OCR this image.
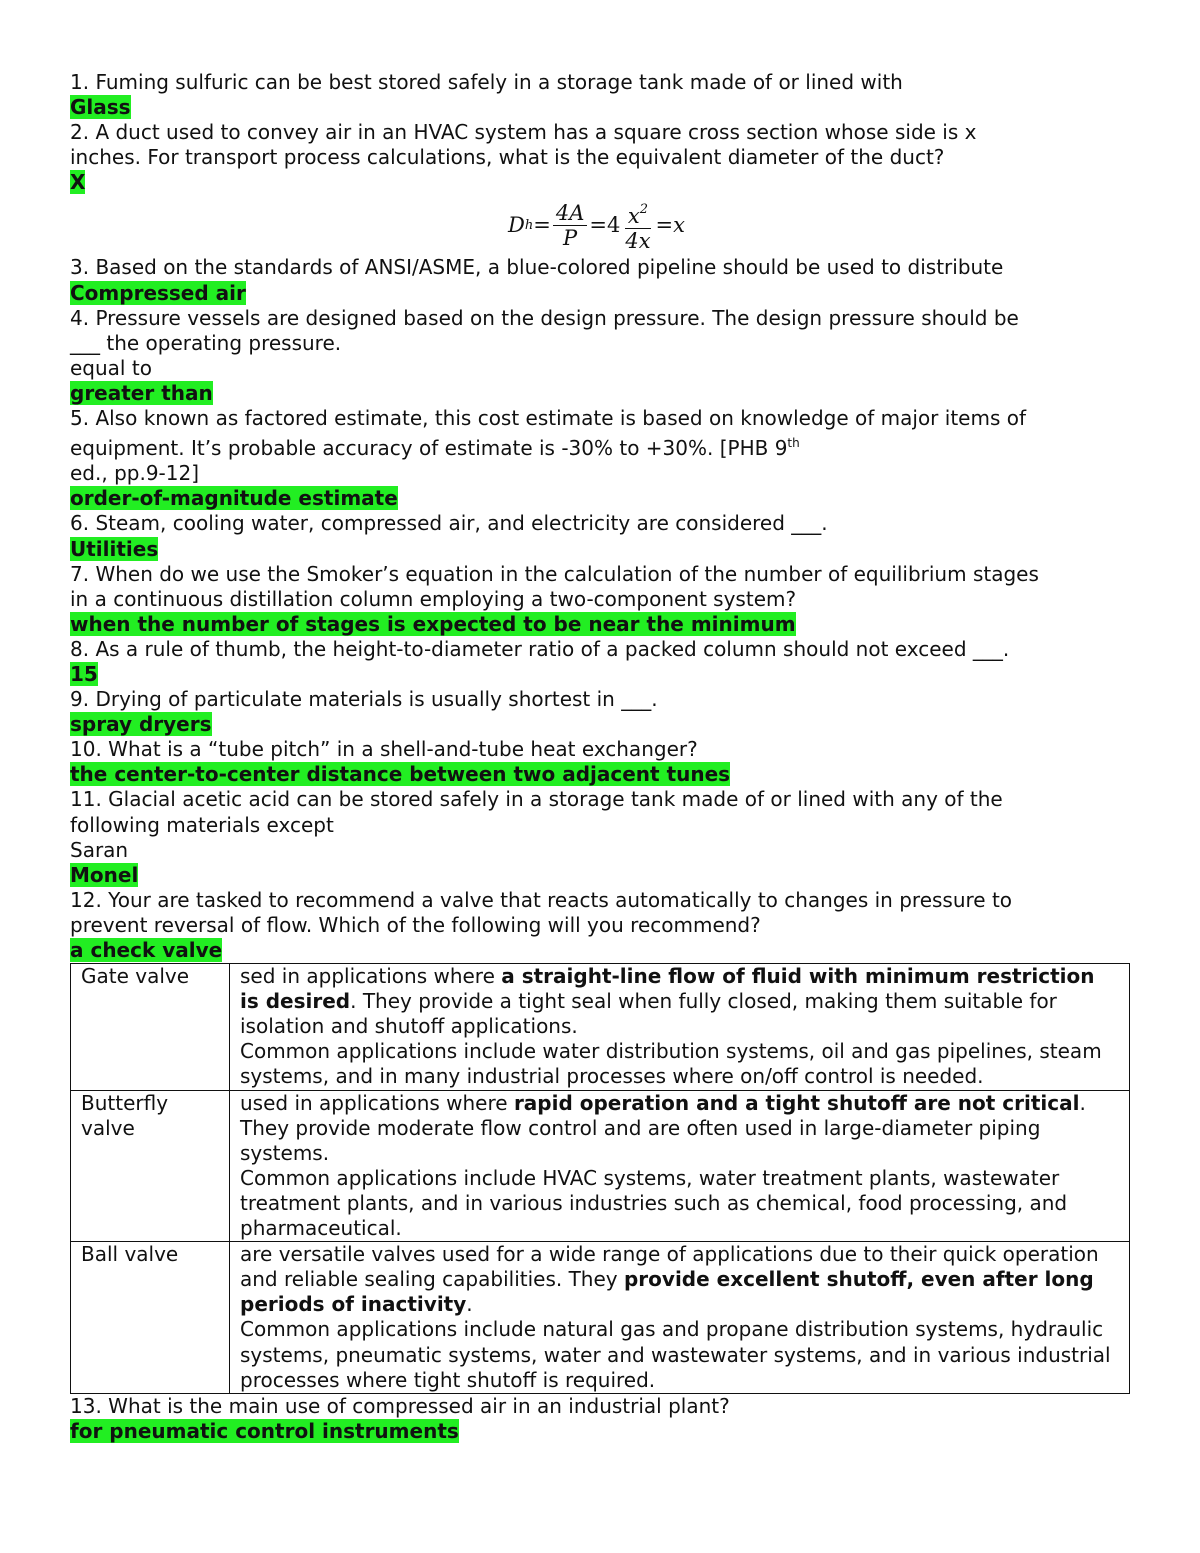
1. Fuming sulfuric can be best stored safely in a storage tank made of or lined with
Glass
2. A duct used to convey air in an HVAC system has a square cross section whose side is x
inches. For transport process calculations, what is the equivalent diameter of the duct?
X
D $h = \frac{4A}{P} =4 \frac{x^2}{4x} =x$
3. Based on the standards of ANSI/ASME, a blue-colored pipeline should be used to distribute
Compressed air
4. Pressure vessels are designed based on the design pressure. The design pressure should be
___ the operating pressure.
equal to
greater than
5. Also known as factored estimate, this cost estimate is based on knowledge of major items of
equipment. It’s probable accuracy of estimate is -30% to +30%. [PHB 9th
ed., pp.9-12]
order-of-magnitude estimate
6. Steam, cooling water, compressed air, and electricity are considered ___.
Utilities
7. When do we use the Smoker’s equation in the calculation of the number of equilibrium stages
in a continuous distillation column employing a two-component system?
when the number of stages is expected to be near the minimum
8. As a rule of thumb, the height-to-diameter ratio of a packed column should not exceed ___.
15
9. Drying of particulate materials is usually shortest in ___.
spray dryers
10. What is a “tube pitch” in a shell-and-tube heat exchanger?
the center-to-center distance between two adjacent tunes
11. Glacial acetic acid can be stored safely in a storage tank made of or lined with any of the
following materials except
Saran
Monel
12. Your are tasked to recommend a valve that reacts automatically to changes in pressure to
prevent reversal of flow. Which of the following will you recommend?
a check valve
Gate valve	sed in applications where a straight-line flow of fluid with minimum restriction is desired. They provide a tight seal when fully closed, making them suitable for isolation and shutoff applications.
Common applications include water distribution systems, oil and gas pipelines, steam systems, and in many industrial processes where on/off control is needed.
Butterfly valve	used in applications where rapid operation and a tight shutoff are not critical. They provide moderate flow control and are often used in large-diameter piping systems.
Common applications include HVAC systems, water treatment plants, wastewater treatment plants, and in various industries such as chemical, food processing, and pharmaceutical.
Ball valve	are versatile valves used for a wide range of applications due to their quick operation and reliable sealing capabilities. They provide excellent shutoff, even after long periods of inactivity.
Common applications include natural gas and propane distribution systems, hydraulic systems, pneumatic systems, water and wastewater systems, and in various industrial processes where tight shutoff is required.
13. What is the main use of compressed air in an industrial plant?
for pneumatic control instruments
